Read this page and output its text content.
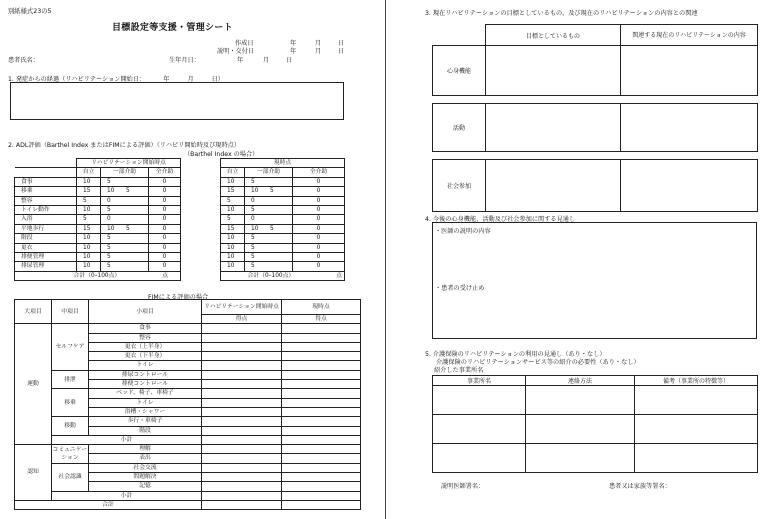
別紙様式23の5
目標設定等支援・管理シート
作成日	年	月	日
説明・交付日	年	月	日
患者氏名：	生年月日：	年	月	日
1. 発症からの経過（リハビリテーション開始日：	年	月	日）
2. ADL評価（Barthel Index またはFIMによる評価）（リハビリ開始時及び現時点）
（Barthel Index の場合）
	リハビリテーション開始時点				現時点		
	自立	一部介助	全介助		自立	一部介助	全介助
食事	10	5	0		10	5	0
移乗	15	10　　5	0		15	10　　5	0
整容	5	0	0		5	0	0
トイレ動作	10	5	0		10	5	0
入浴	5	0	0		5	0	0
平地歩行	15	10　　5	0		15	10　　5	0
階段	10	5	0		10	5	0
更衣	10	5	0		10	5	0
排便管理	10	5	0		10	5	0
排尿管理	10	5	0		10	5	0
合計（0–100点） 点					合計（0–100点） 点		
FIMによる評価の場合
大項目	中項目	小項目	リハビリテーション開始時点	現時点
			得点	得点
運動	セルフケア	食事		
		整容		
		更衣（上半身）		
		更衣（下半身）		
		トイレ		
	排泄	排尿コントロール		
		排便コントロール		
	移乗	ベッド、椅子、車椅子		
		トイレ		
		浴槽・シャワー		
	移動	歩行・車椅子		
		階段		
	小計			
認知	コミュニケーション	理解		
		表出		
	社会認識	社会交流		
		問題解決		
		記憶		
	小計			
合計				
3. 現在リハビリテーションの目標としているもの、及び現在のリハビリテーションの内容との関連
	目標としているもの	関連する現在のリハビリテーションの内容
心身機能		

活動		

社会参加		
4. 今後の心身機能、活動及び社会参加に関する見通し
・医師の説明の内容
・患者の受け止め
5. 介護保険のリハビリテーションの利用の見通し（あり・なし）
介護保険のリハビリテーションサービス等の紹介の必要性（あり・なし）
紹介した事業所名
事業所名	連絡方法	備考（事業所の特徴等）

説明医師署名：	患者又は家族等署名：
